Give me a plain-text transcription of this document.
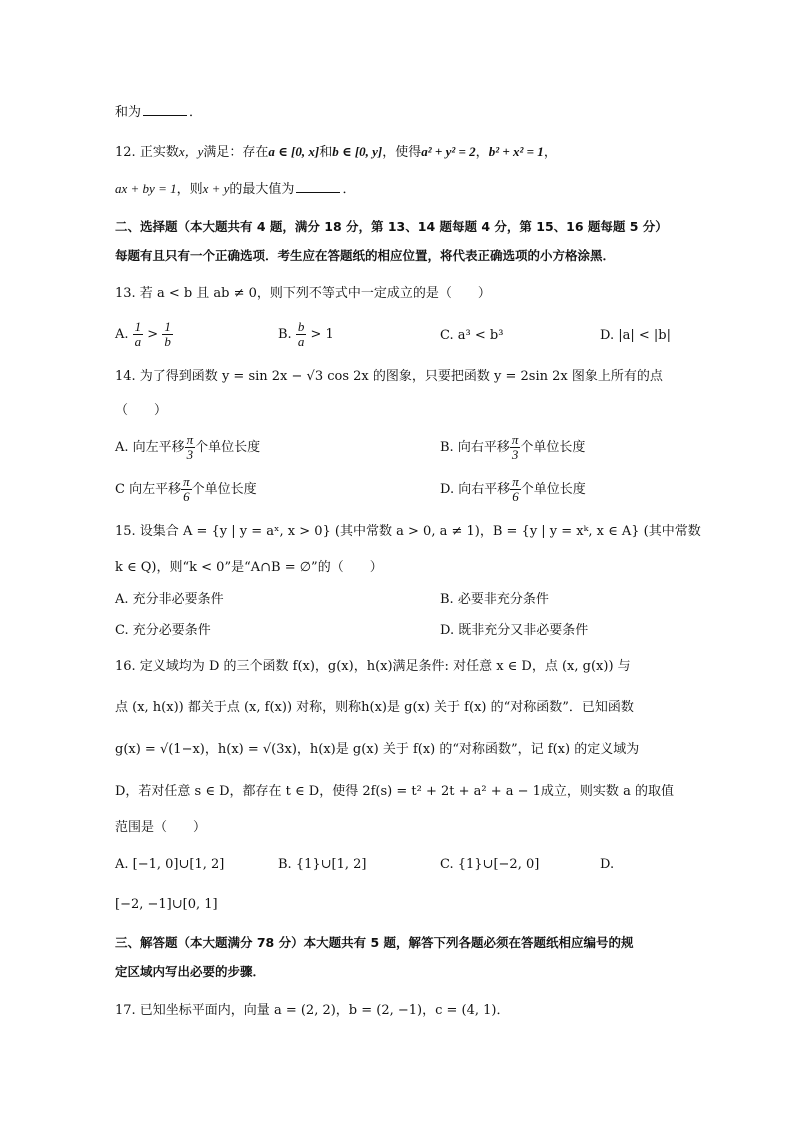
和为	．
12. 正实数x，y满足：存在a ∈ [0, x]和b ∈ [0, y]，使得a² + y² = 2，b² + x² = 1，
ax + by = 1，则x + y的最大值为	．
二、选择题（本大题共有 4 题，满分 18 分，第 13、14 题每题 4 分，第 15、16 题每题 5 分）
每题有且只有一个正确选项．考生应在答题纸的相应位置，将代表正确选项的小方格涂黑．
13. 若 a < b 且 ab ≠ 0，则下列不等式中一定成立的是（　　）
A. $\frac{1}{a} > \frac{1}{b}$	B. $\frac{b}{a} > 1$	C. a³ < b³	D. |a| < |b|
14. 为了得到函数 y = sin 2x − √3 cos 2x 的图象，只要把函数 y = 2sin 2x 图象上所有的点
（　　）
A. 向左平移 $\frac{\pi}{3}$ 个单位长度	B. 向右平移 $\frac{\pi}{3}$ 个单位长度
C 向左平移 $\frac{\pi}{6}$ 个单位长度	D. 向右平移 $\frac{\pi}{6}$ 个单位长度
15. 设集合 A = {y | y = aˣ, x > 0} (其中常数 a > 0, a ≠ 1)，B = {y | y = xᵏ, x ∈ A} (其中常数
k ∈ Q)，则“k < 0”是“A∩B = ∅”的（　　）
A. 充分非必要条件	B. 必要非充分条件
C. 充分必要条件	D. 既非充分又非必要条件
16. 定义域均为 D 的三个函数 f(x)，g(x)，h(x)满足条件: 对任意 x ∈ D，点 (x, g(x)) 与
点 (x, h(x)) 都关于点 (x, f(x)) 对称，则称h(x)是 g(x) 关于 f(x) 的“对称函数”．已知函数
g(x) = √(1−x)，h(x) = √(3x)，h(x)是 g(x) 关于 f(x) 的“对称函数”，记 f(x) 的定义域为
D，若对任意 s ∈ D，都存在 t ∈ D，使得 2f(s) = t² + 2t + a² + a − 1成立，则实数 a 的取值
范围是（　　）
A. [−1, 0]∪[1, 2]	B. {1}∪[1, 2]	C. {1}∪[−2, 0]	D.
[−2, −1]∪[0, 1]
三、解答题（本大题满分 78 分）本大题共有 5 题，解答下列各题必须在答题纸相应编号的规
定区域内写出必要的步骤．
17. 已知坐标平面内，向量 a = (2, 2)，b = (2, −1)，c = (4, 1)．
